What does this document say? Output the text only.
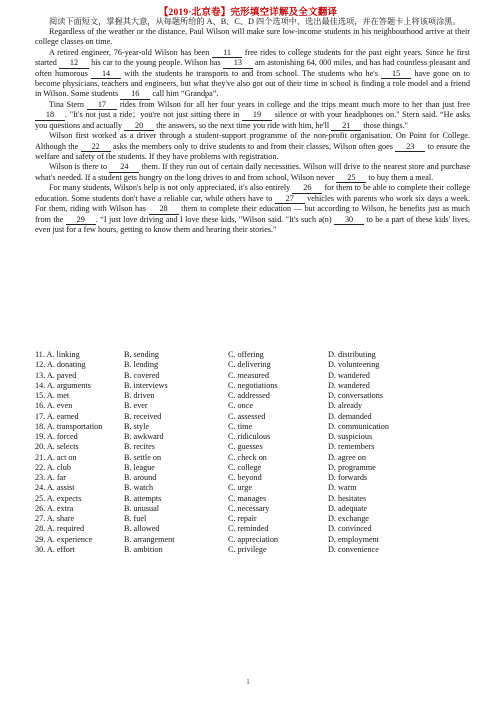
【2019·北京卷】完形填空详解及全文翻译

阅读下面短文，掌握其大意，从每题所给的 A、B、C、D 四个选项中，选出最佳选项，并在答题卡上将该项涂黑。

Regardless of the weather or the distance, Paul Wilson will make sure low-income students in his neighbourhood arrive at their college classes on time.

A retired engineer, 76-year-old Wilson has been 11 free rides to college students for the past eight years. Since he first started 12 his car to the young people. Wilson has 13 am astonishing 64, 000 miles, and has had countless pleasant and often humorous 14 with the students he transports to and from school. The students who he's 15 have gone on to become physicians, teachers and engineers, but what they've also got out of their time in school is finding a role model and a friend in Wilson. Some students 16 call him “Grandpa”.

Tina Stern 17 rides from Wilson for all her four years in college and the trips meant much more to her than just free 18 . "It's not just a ride；you're not just sitting there in 19 silence or with your headphones on." Stern said. “He asks you questions and actually 20 the answers, so the next time you ride with him, he'll 21 those things."

Wilson first worked as a driver through a student-support programme of the non-profit organisation. On Point for College. Although the 22 asks the members only to drive students to and from their classes, Wilson often goes 23 to ensure the welfare and safety of the students. If they have problems with registration.

Wilson is there to 24 them. If they run out of certain daily necessities. Wilson will drive to the nearest store and purchase what's needed. If a student gets hungry on the long drives to and from school, Wilson never 25 to buy them a meal.

For many students, Wilson's help is not only appreciated, it's also entirely 26 for them to be able to complete their college education. Some students don't have a reliable car, while others have to 27 vehicles with parents who work six days a week. For them, riding with Wilson has 28 them to complete their education — but according to Wilson, he benefits just as much from the 29 . “I just love driving and I love these kids, "Wilson said. "It's such a(n) 30 to be a part of these kids' lives, even just for a few hours, getting to know them and hearing their stories."

11. A. linking	B. sending	C. offering	D. distributing
12. A. donating	B. lending	C. delivering	D. volunteering
13. A. paved	B. covered	C. measured	D. wandered
14. A. arguments	B. interviews	C. negotiations	D. wandered
15. A. met	B. driven	C. addressed	D. conversations
16. A. even	B. ever	C. once	D. already
17. A. earned	B. received	C. assessed	D. demanded
18. A. transportation	B. style	C. time	D. communication
19. A. forced	B. awkward	C. ridiculous	D. suspicious
20. A. selects	B. recites	C. guesses	D. remembers
21. A. act on	B. settle on	C. check on	D. agree on
22. A. club	B. league	C. college	D. programme
23. A. far	B. around	C. beyond	D. forwards
24. A. assist	B. watch	C. urge	D. warm
25. A. expects	B. attempts	C. manages	D. hesitates
26. A. extra	B. unusual	C. necessary	D. adequate
27. A. share	B. fuel	C. repair	D. exchange
28. A. required	B. allowed	C. reminded	D. convinced
29. A. experience	B. arrangement	C. appreciation	D. employment
30. A. effort	B. ambition	C. privilege	D. convenience
1
